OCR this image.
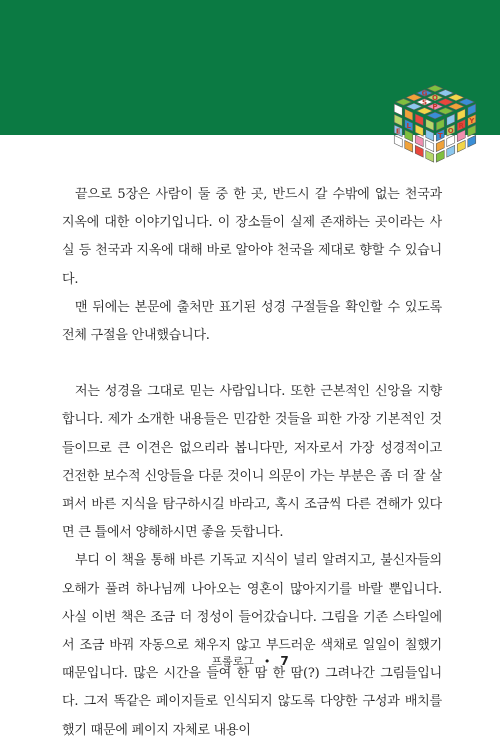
G
O
S
P
E
L
T
O
R
Y

끝으로 5장은 사람이 둘 중 한 곳, 반드시 갈 수밖에 없는 천국과 지옥에 대한 이야기입니다. 이 장소들이 실제 존재하는 곳이라는 사실 등 천국과 지옥에 대해 바로 알아야 천국을 제대로 향할 수 있습니다.

맨 뒤에는 본문에 출처만 표기된 성경 구절들을 확인할 수 있도록 전체 구절을 안내했습니다.

저는 성경을 그대로 믿는 사람입니다. 또한 근본적인 신앙을 지향합니다. 제가 소개한 내용들은 민감한 것들을 피한 가장 기본적인 것들이므로 큰 이견은 없으리라 봅니다만, 저자로서 가장 성경적이고 건전한 보수적 신앙들을 다룬 것이니 의문이 가는 부분은 좀 더 잘 살펴서 바른 지식을 탐구하시길 바라고, 혹시 조금씩 다른 견해가 있다면 큰 틀에서 양해하시면 좋을 듯합니다.

부디 이 책을 통해 바른 기독교 지식이 널리 알려지고, 불신자들의 오해가 풀려 하나님께 나아오는 영혼이 많아지기를 바랄 뿐입니다. 사실 이번 책은 조금 더 정성이 들어갔습니다. 그림을 기존 스타일에서 조금 바꿔 자동으로 채우지 않고 부드러운 색채로 일일이 칠했기 때문입니다. 많은 시간을 들여 한 땀 한 땀(?) 그려나간 그림들입니다. 그저 똑같은 페이지들로 인식되지 않도록 다양한 구성과 배치를 했기 때문에 페이지 자체로 내용이

프롤로그 • 7
